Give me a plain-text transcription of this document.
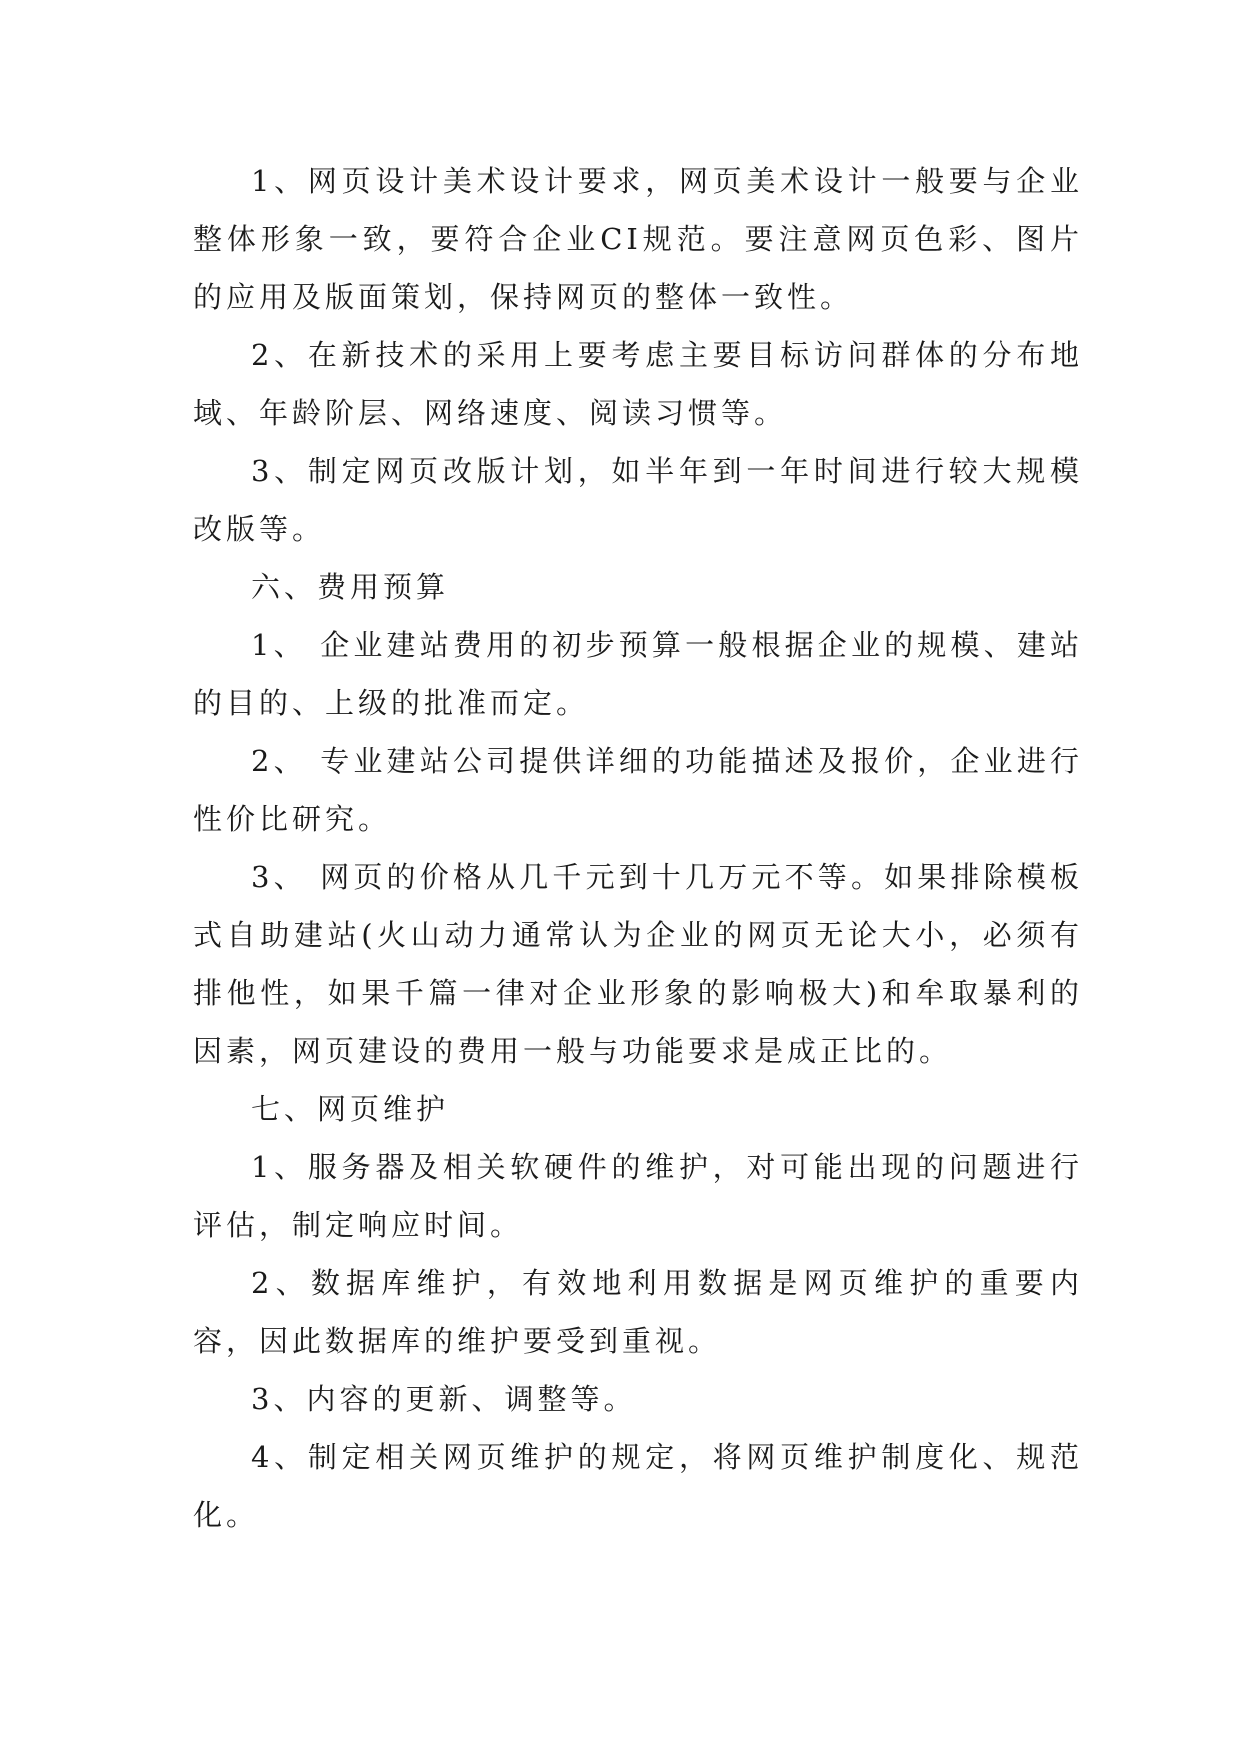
1、网页设计美术设计要求，网页美术设计一般要与企业整体形象一致，要符合企业CI规范。要注意网页色彩、图片的应用及版面策划，保持网页的整体一致性。

2、在新技术的采用上要考虑主要目标访问群体的分布地域、年龄阶层、网络速度、阅读习惯等。

3、制定网页改版计划，如半年到一年时间进行较大规模改版等。

六、费用预算

1、 企业建站费用的初步预算一般根据企业的规模、建站的目的、上级的批准而定。

2、 专业建站公司提供详细的功能描述及报价，企业进行性价比研究。

3、 网页的价格从几千元到十几万元不等。如果排除模板式自助建站(火山动力通常认为企业的网页无论大小，必须有排他性，如果千篇一律对企业形象的影响极大)和牟取暴利的因素，网页建设的费用一般与功能要求是成正比的。

七、网页维护

1、服务器及相关软硬件的维护，对可能出现的问题进行评估，制定响应时间。

2、数据库维护，有效地利用数据是网页维护的重要内容，因此数据库的维护要受到重视。

3、内容的更新、调整等。

4、制定相关网页维护的规定，将网页维护制度化、规范化。
